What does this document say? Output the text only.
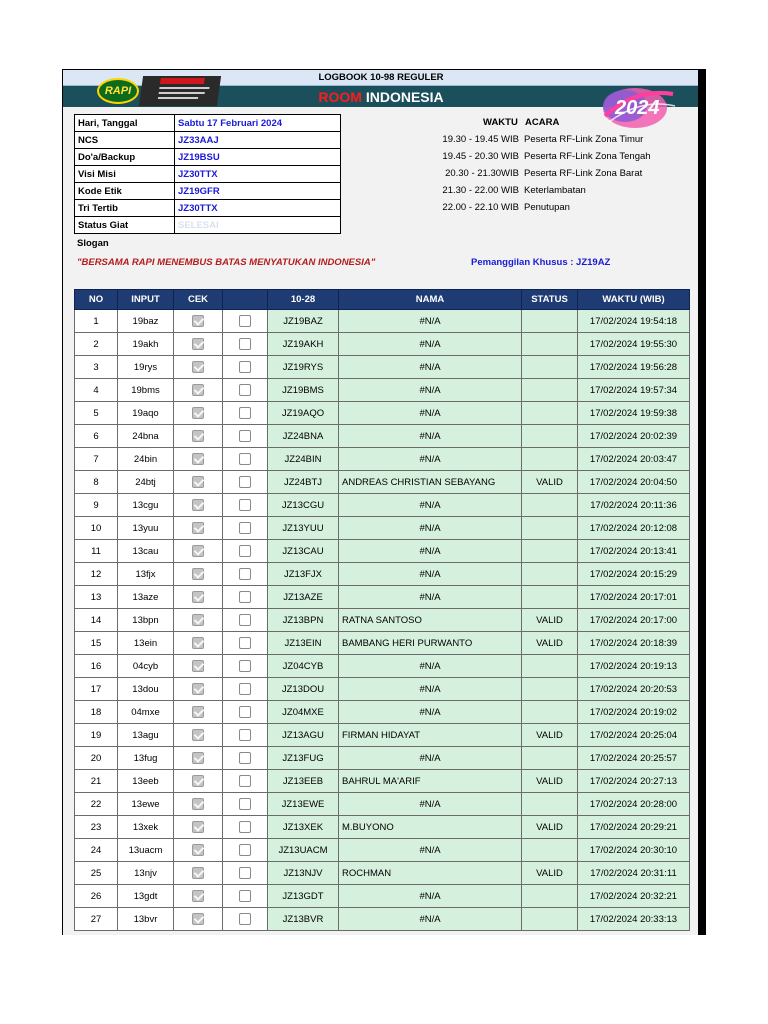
LOGBOOK 10-98 REGULER
ROOM INDONESIA
RAPI
2024
Hari, Tanggal	Sabtu 17 Februari 2024
NCS	JZ33AAJ
Do'a/Backup	JZ19BSU
Visi Misi	JZ30TTX
Kode Etik	JZ19GFR
Tri Tertib	JZ30TTX
Status Giat	SELESAI
WAKTU ACARA
19.30 - 19.45 WIB Peserta RF-Link Zona Timur
19.45 - 20.30 WIB Peserta RF-Link Zona Tengah
20.30 - 21.30WIB Peserta RF-Link Zona Barat
21.30 - 22.00 WIB Keterlambatan
22.00 - 22.10 WIB Penutupan
Slogan
"BERSAMA RAPI MENEMBUS BATAS MENYATUKAN INDONESIA"	Pemanggilan Khusus : JZ19AZ
NO	INPUT	CEK		10-28	NAMA	STATUS	WAKTU (WIB)
1	19baz			JZ19BAZ	#N/A		17/02/2024 19:54:18
2	19akh			JZ19AKH	#N/A		17/02/2024 19:55:30
3	19rys			JZ19RYS	#N/A		17/02/2024 19:56:28
4	19bms			JZ19BMS	#N/A		17/02/2024 19:57:34
5	19aqo			JZ19AQO	#N/A		17/02/2024 19:59:38
6	24bna			JZ24BNA	#N/A		17/02/2024 20:02:39
7	24bin			JZ24BIN	#N/A		17/02/2024 20:03:47
8	24btj			JZ24BTJ	ANDREAS CHRISTIAN SEBAYANG	VALID	17/02/2024 20:04:50
9	13cgu			JZ13CGU	#N/A		17/02/2024 20:11:36
10	13yuu			JZ13YUU	#N/A		17/02/2024 20:12:08
11	13cau			JZ13CAU	#N/A		17/02/2024 20:13:41
12	13fjx			JZ13FJX	#N/A		17/02/2024 20:15:29
13	13aze			JZ13AZE	#N/A		17/02/2024 20:17:01
14	13bpn			JZ13BPN	RATNA SANTOSO	VALID	17/02/2024 20:17:00
15	13ein			JZ13EIN	BAMBANG HERI PURWANTO	VALID	17/02/2024 20:18:39
16	04cyb			JZ04CYB	#N/A		17/02/2024 20:19:13
17	13dou			JZ13DOU	#N/A		17/02/2024 20:20:53
18	04mxe			JZ04MXE	#N/A		17/02/2024 20:19:02
19	13agu			JZ13AGU	FIRMAN HIDAYAT	VALID	17/02/2024 20:25:04
20	13fug			JZ13FUG	#N/A		17/02/2024 20:25:57
21	13eeb			JZ13EEB	BAHRUL MA'ARIF	VALID	17/02/2024 20:27:13
22	13ewe			JZ13EWE	#N/A		17/02/2024 20:28:00
23	13xek			JZ13XEK	M.BUYONO	VALID	17/02/2024 20:29:21
24	13uacm			JZ13UACM	#N/A		17/02/2024 20:30:10
25	13njv			JZ13NJV	ROCHMAN	VALID	17/02/2024 20:31:11
26	13gdt			JZ13GDT	#N/A		17/02/2024 20:32:21
27	13bvr			JZ13BVR	#N/A		17/02/2024 20:33:13
